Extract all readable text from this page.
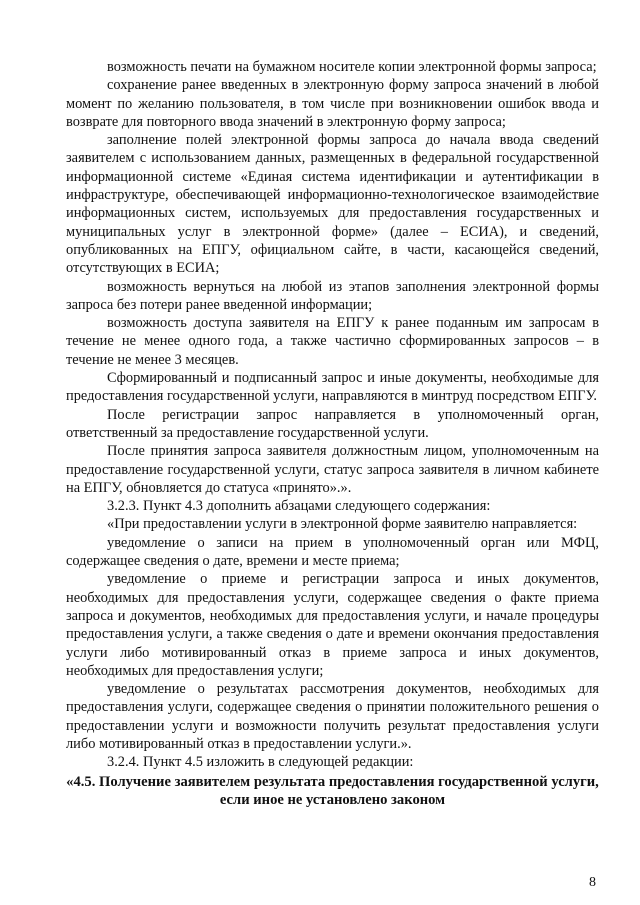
возможность печати на бумажном носителе копии электронной формы запроса;

сохранение ранее введенных в электронную форму запроса значений в любой момент по желанию пользователя, в том числе при возникновении ошибок ввода и возврате для повторного ввода значений в электронную форму запроса;

заполнение полей электронной формы запроса до начала ввода сведений заявителем с использованием данных, размещенных в федеральной государственной информационной системе «Единая система идентификации и аутентификации в инфраструктуре, обеспечивающей информационно-технологическое взаимодействие информационных систем, используемых для предоставления государственных и муниципальных услуг в электронной форме» (далее – ЕСИА), и сведений, опубликованных на ЕПГУ, официальном сайте, в части, касающейся сведений, отсутствующих в ЕСИА;

возможность вернуться на любой из этапов заполнения электронной формы запроса без потери ранее введенной информации;

возможность доступа заявителя на ЕПГУ к ранее поданным им запросам в течение не менее одного года, а также частично сформированных запросов – в течение не менее 3 месяцев.

Сформированный и подписанный запрос и иные документы, необходимые для предоставления государственной услуги, направляются в минтруд посредством ЕПГУ.

После регистрации запрос направляется в уполномоченный орган, ответственный за предоставление государственной услуги.

После принятия запроса заявителя должностным лицом, уполномоченным на предоставление государственной услуги, статус запроса заявителя в личном кабинете на ЕПГУ, обновляется до статуса «принято».».

3.2.3. Пункт 4.3 дополнить абзацами следующего содержания:

«При предоставлении услуги в электронной форме заявителю направляется:

уведомление о записи на прием в уполномоченный орган или МФЦ, содержащее сведения о дате, времени и месте приема;

уведомление о приеме и регистрации запроса и иных документов, необходимых для предоставления услуги, содержащее сведения о факте приема запроса и документов, необходимых для предоставления услуги, и начале процедуры предоставления услуги, а также сведения о дате и времени окончания предоставления услуги либо мотивированный отказ в приеме запроса и иных документов, необходимых для предоставления услуги;

уведомление о результатах рассмотрения документов, необходимых для предоставления услуги, содержащее сведения о принятии положительного решения о предоставлении услуги и возможности получить результат предоставления услуги либо мотивированный отказ в предоставлении услуги.».

3.2.4. Пункт 4.5 изложить в следующей редакции:

«4.5. Получение заявителем результата предоставления государственной услуги, если иное не установлено законом

8
